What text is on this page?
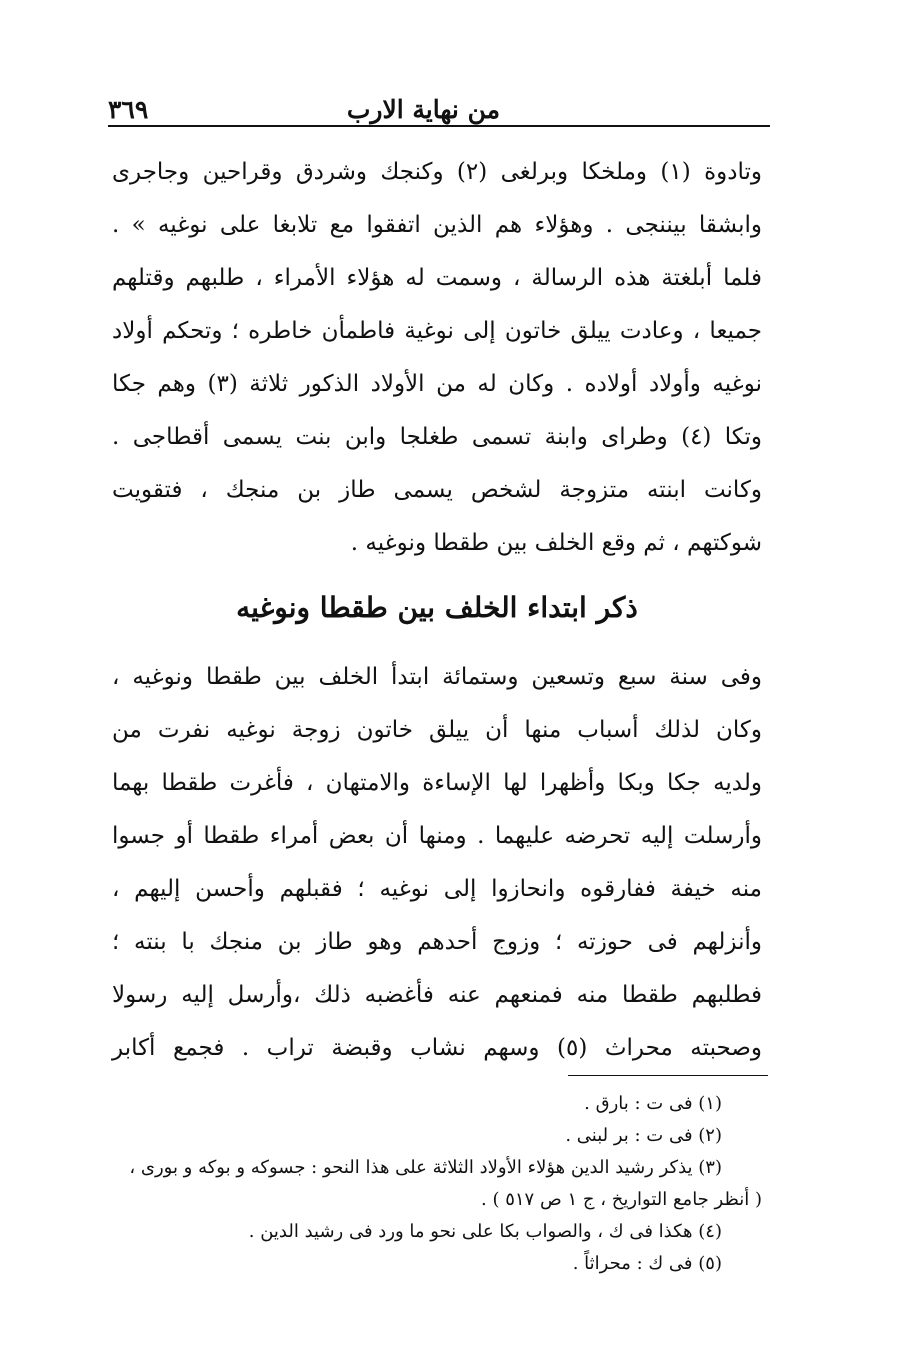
من نهاية الارب
٣٦٩
وتادوة (١) وملخكا وبرلغى (٢) وكنجك وشردق وقراحين وجاجرى
وابشقا بيننجى . وهؤلاء هم الذين اتفقوا مع تلابغا على نوغيه » .
فلما أبلغتة هذه الرسالة ، وسمت له هؤلاء الأمراء ، طلبهم وقتلهم
جميعا ، وعادت ييلق خاتون إلى نوغية فاطمأن خاطره ؛ وتحكم أولاد
نوغيه وأولاد أولاده . وكان له من الأولاد الذكور ثلاثة (٣) وهم جكا
وتكا (٤) وطراى وابنة تسمى طغلجا وابن بنت يسمى أقطاجى .
وكانت ابنته متزوجة لشخص يسمى طاز بن منجك ، فتقويت
شوكتهم ، ثم وقع الخلف بين طقطا ونوغيه .
ذكر ابتداء الخلف بين طقطا ونوغيه
وفى سنة سبع وتسعين وستمائة ابتدأ الخلف بين طقطا ونوغيه ،
وكان لذلك أسباب منها أن ييلق خاتون زوجة نوغيه نفرت من
ولديه جكا وبكا وأظهرا لها الإساءة والامتهان ، فأغرت طقطا بهما
وأرسلت إليه تحرضه عليهما . ومنها أن بعض أمراء طقطا أو جسوا
منه خيفة ففارقوه وانحازوا إلى نوغيه ؛ فقبلهم وأحسن إليهم ،
وأنزلهم فى حوزته ؛ وزوج أحدهم وهو طاز بن منجك با بنته ؛
فطلبهم طقطا منه فمنعهم عنه فأغضبه ذلك ،وأرسل إليه رسولا
وصحبته محراث (٥) وسهم نشاب وقبضة تراب . فجمع أكابر
(١) فى ت : بارق .
(٢) فى ت : بر لبنى .
(٣) يذكر رشيد الدين هؤلاء الأولاد الثلاثة على هذا النحو : جسوكه و بوكه و بورى ،
( أنظر جامع التواريخ ، ج ١ ص ٥١٧ ) .
(٤) هكذا فى ك ، والصواب بكا على نحو ما ورد فى رشيد الدين .
(٥) فى ك : محراثاً .
